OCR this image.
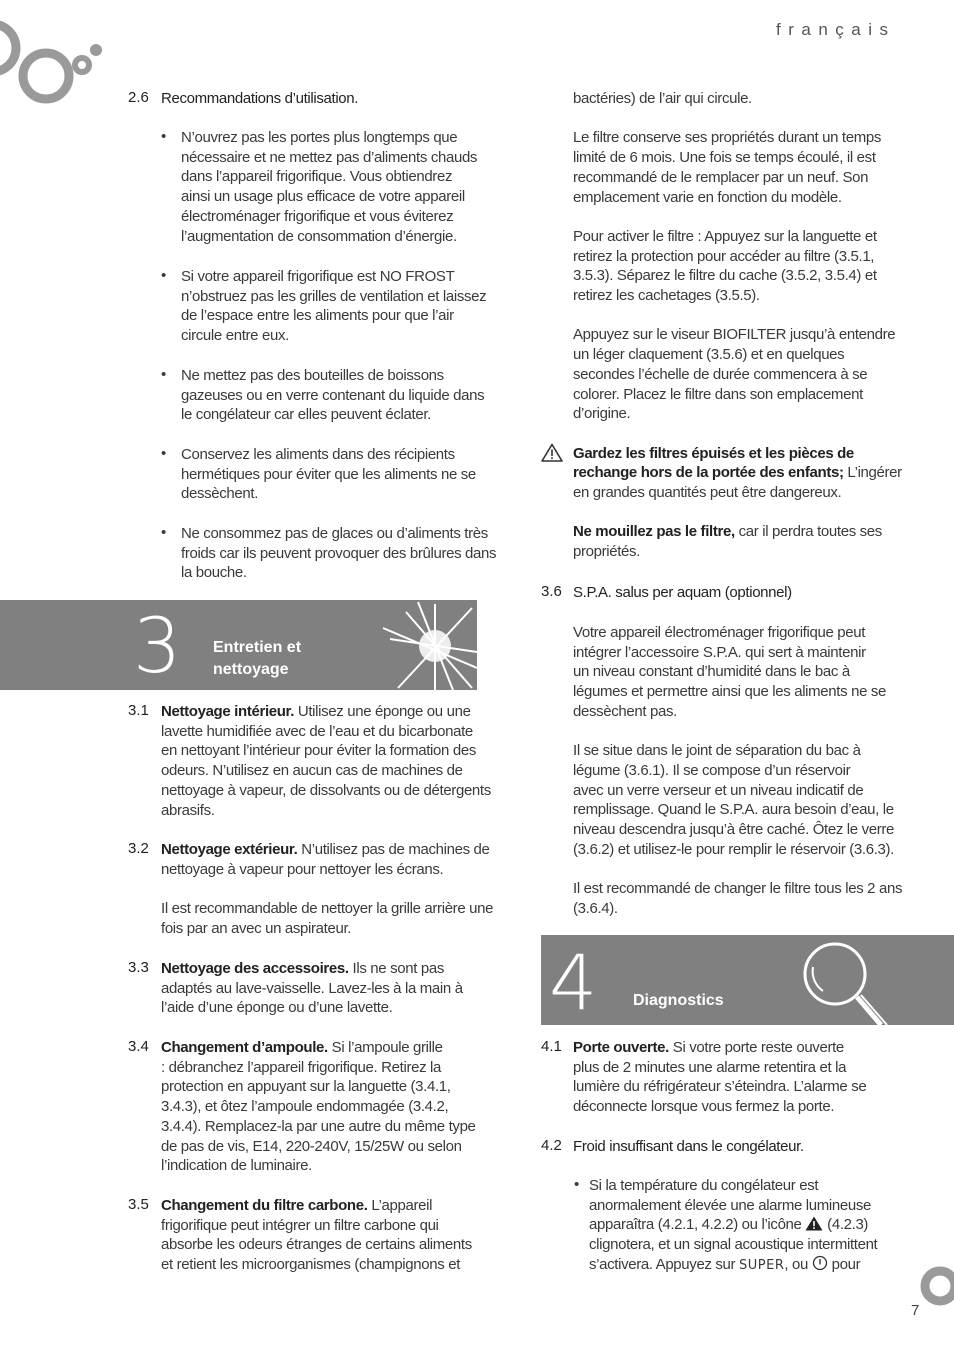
français
2.6 Recommandations d’utilisation.
• N’ouvrez pas les portes plus longtemps que

nécessaire et ne mettez pas d’aliments chauds

dans l’appareil frigorifique. Vous obtiendrez

ainsi un usage plus efficace de votre appareil

électroménager frigorifique et vous éviterez

l’augmentation de consommation d’énergie.

• Si votre appareil frigorifique est NO FROST

n’obstruez pas les grilles de ventilation et laissez

de l’espace entre les aliments pour que l’air

circule entre eux.

• Ne mettez pas des bouteilles de boissons

gazeuses ou en verre contenant du liquide dans

le congélateur car elles peuvent éclater.

• Conservez les aliments dans des récipients

hermétiques pour éviter que les aliments ne se

dessèchent.

• Ne consommez pas de glaces ou d’aliments très

froids car ils peuvent provoquer des brûlures dans

la bouche.

3 Entretien et
nettoyage
3.1 Nettoyage intérieur. Utilisez une éponge ou une

lavette humidifiée avec de l’eau et du bicarbonate

en nettoyant l’intérieur pour éviter la formation des

odeurs. N’utilisez en aucun cas de machines de

nettoyage à vapeur, de dissolvants ou de détergents

abrasifs.

3.2 Nettoyage extérieur. N’utilisez pas de machines de

nettoyage à vapeur pour nettoyer les écrans.

Il est recommandable de nettoyer la grille arrière une

fois par an avec un aspirateur.

3.3 Nettoyage des accessoires. Ils ne sont pas

adaptés au lave-vaisselle. Lavez-les à la main à

l’aide d’une éponge ou d’une lavette.

3.4 Changement d’ampoule. Si l’ampoule grille

: débranchez l’appareil frigorifique. Retirez la

protection en appuyant sur la languette (3.4.1,

3.4.3), et ôtez l’ampoule endommagée (3.4.2,

3.4.4). Remplacez-la par une autre du même type

de pas de vis, E14, 220-240V, 15/25W ou selon

l’indication de luminaire.

3.5 Changement du filtre carbone. L’appareil

frigorifique peut intégrer un filtre carbone qui

absorbe les odeurs étranges de certains aliments

et retient les microorganismes (champignons et

bactéries) de l’air qui circule.

Le filtre conserve ses propriétés durant un temps

limité de 6 mois. Une fois se temps écoulé, il est

recommandé de le remplacer par un neuf. Son

emplacement varie en fonction du modèle.

Pour activer le filtre : Appuyez sur la languette et

retirez la protection pour accéder au filtre (3.5.1,

3.5.3). Séparez le filtre du cache (3.5.2, 3.5.4) et

retirez les cachetages (3.5.5).

Appuyez sur le viseur BIOFILTER jusqu’à entendre

un léger claquement (3.5.6) et en quelques

secondes l’échelle de durée commencera à se

colorer. Placez le filtre dans son emplacement

d’origine.

Gardez les filtres épuisés et les pièces de

rechange hors de la portée des enfants; L’ingérer

en grandes quantités peut être dangereux.

Ne mouillez pas le filtre, car il perdra toutes ses

propriétés.

3.6 S.P.A. salus per aquam (optionnel)

Votre appareil électroménager frigorifique peut

intégrer l’accessoire S.P.A. qui sert à maintenir

un niveau constant d’humidité dans le bac à

légumes et permettre ainsi que les aliments ne se

dessèchent pas.

Il se situe dans le joint de séparation du bac à

légume (3.6.1). Il se compose d’un réservoir

avec un verre verseur et un niveau indicatif de

remplissage. Quand le S.P.A. aura besoin d’eau, le

niveau descendra jusqu’à être caché. Ôtez le verre

(3.6.2) et utilisez-le pour remplir le réservoir (3.6.3).

Il est recommandé de changer le filtre tous les 2 ans

(3.6.4).

4 Diagnostics
4.1 Porte ouverte. Si votre porte reste ouverte

plus de 2 minutes une alarme retentira et la

lumière du réfrigérateur s’éteindra. L’alarme se

déconnecte lorsque vous fermez la porte.

4.2 Froid insuffisant dans le congélateur.
• Si la température du congélateur est

anormalement élevée une alarme lumineuse

apparaîtra (4.2.1, 4.2.2) ou l’icône  (4.2.3)

clignotera, et un signal acoustique intermittent

s’activera. Appuyez sur SUPER, ou  pour

7
